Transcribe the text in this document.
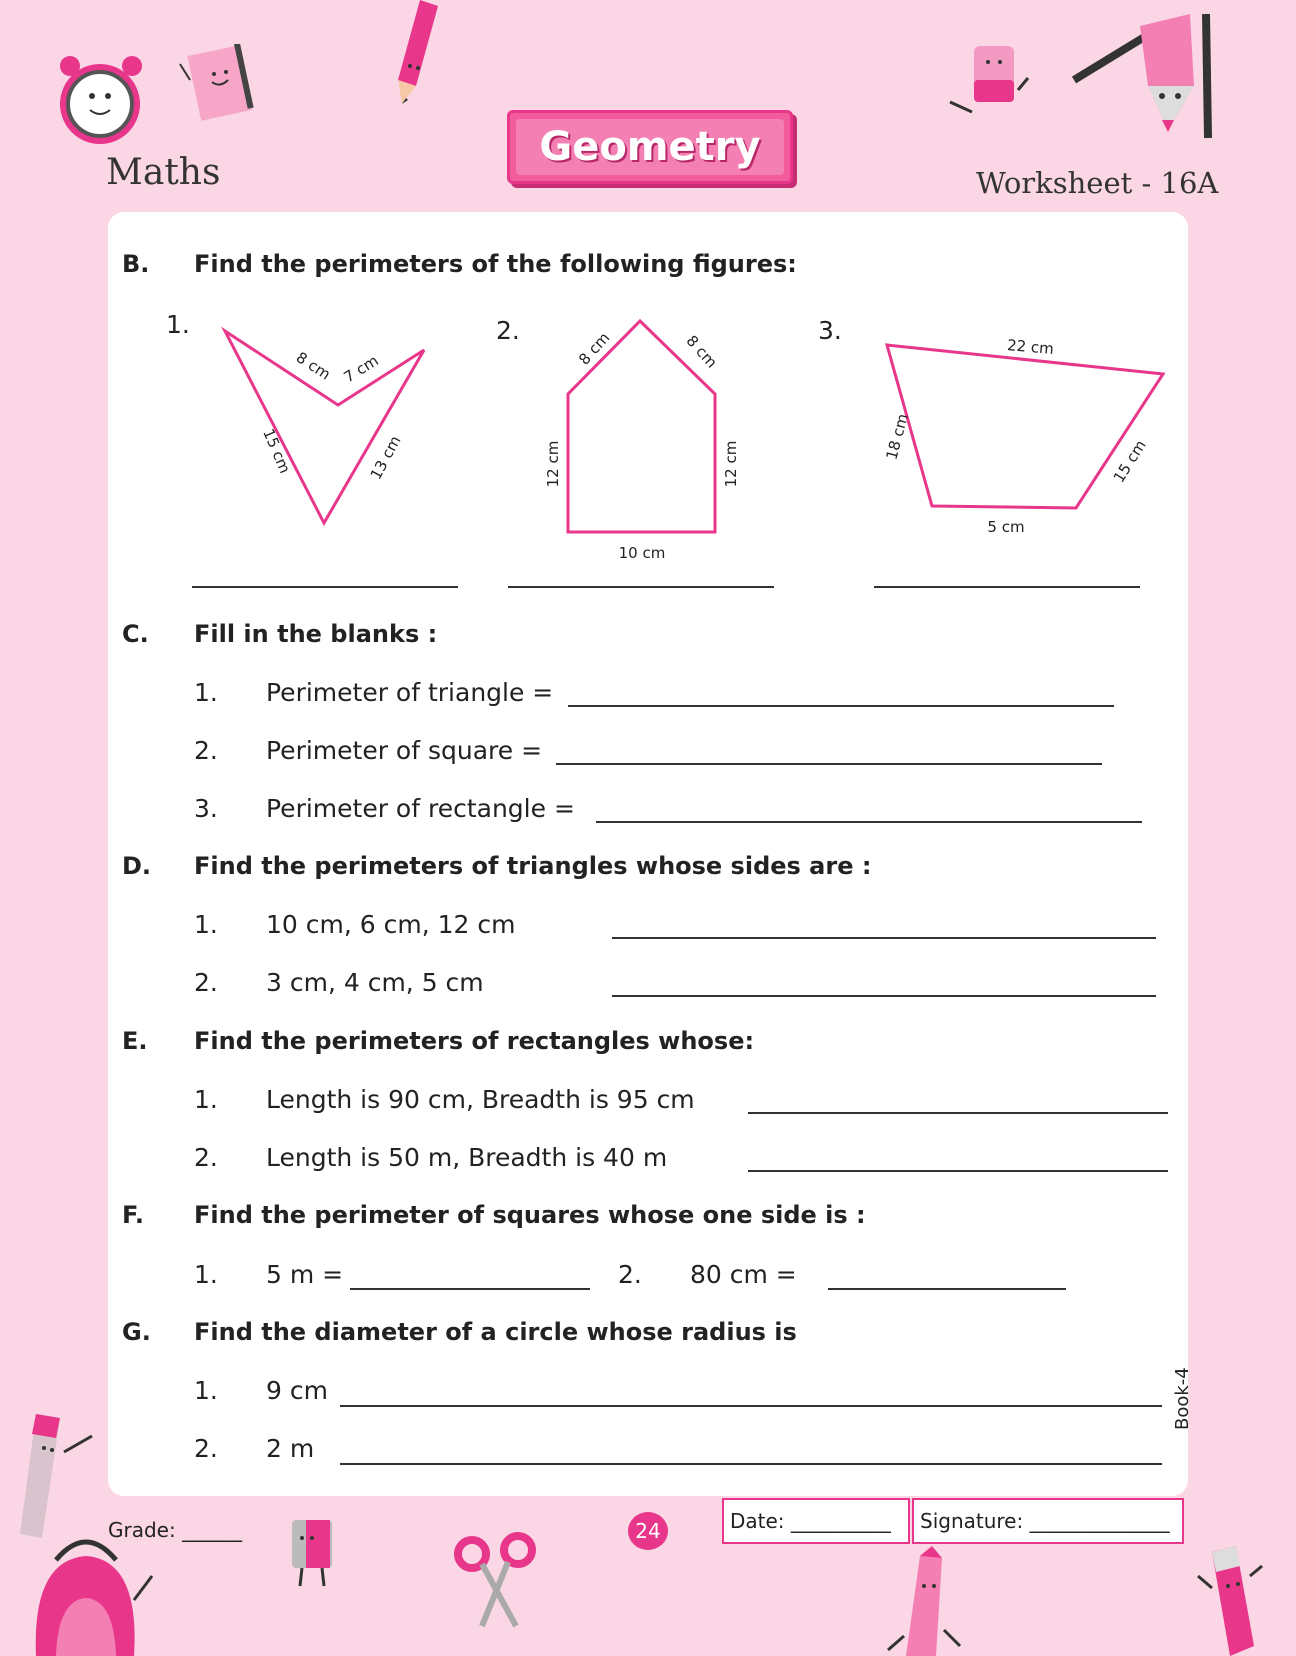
Maths
Geometry
Worksheet - 16A
B. Find the perimeters of the following figures:
1.
8 cm 7 cm
15 cm	13 cm
2.	8 cm	8 cm
12 cm	12 cm
10 cm
3.
22 cm
18 cm	15 cm
5 cm
C. Fill in the blanks :
1. Perimeter of triangle =
2. Perimeter of square =
3. Perimeter of rectangle =
D. Find the perimeters of triangles whose sides are :
1. 10 cm, 6 cm, 12 cm
2. 3 cm, 4 cm, 5 cm
E. Find the perimeters of rectangles whose:
1. Length is 90 cm, Breadth is 95 cm
2. Length is 50 m, Breadth is 40 m
F. Find the perimeter of squares whose one side is :
1. 5 m =	2. 80 cm =
G. Find the diameter of a circle whose radius is
1. 9 cm
2. 2 m
Book-4
Grade: ______	24	Date: __________	Signature: ______________
